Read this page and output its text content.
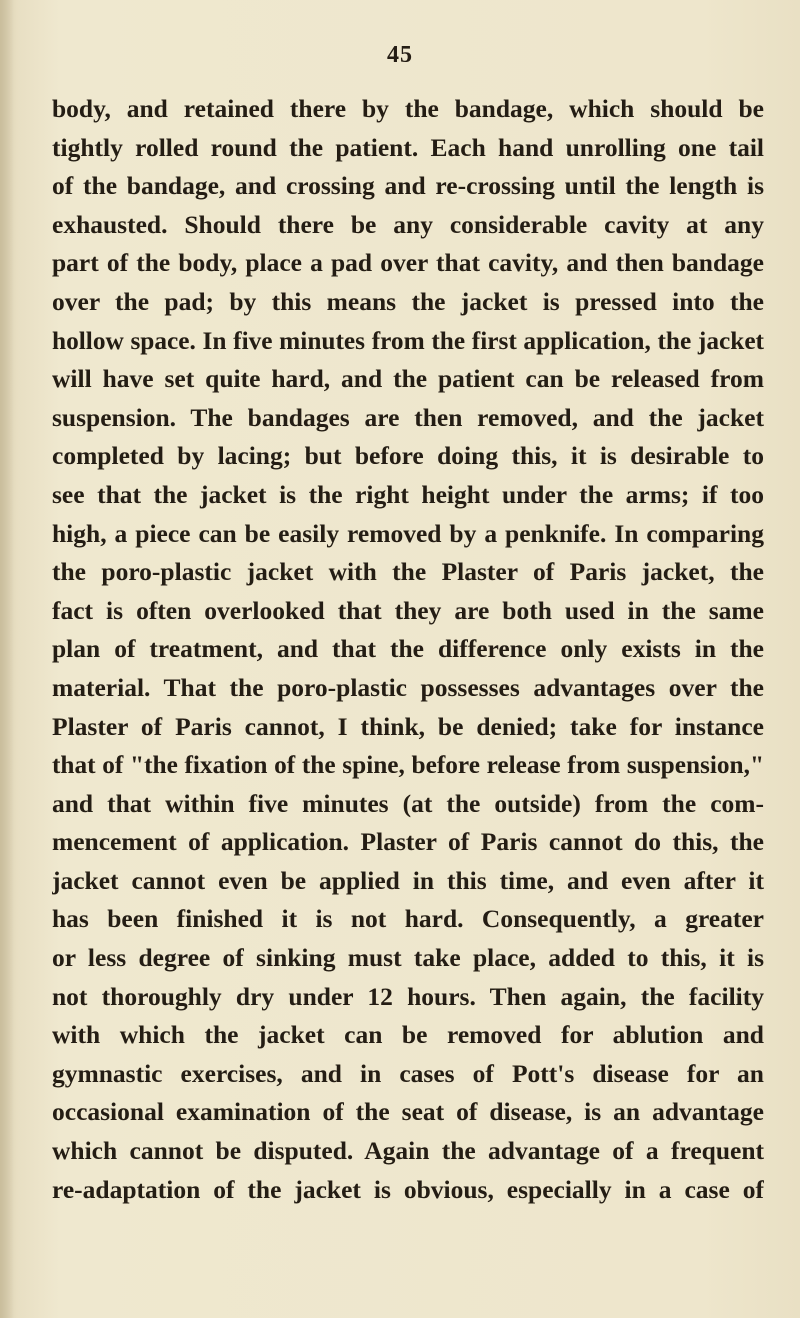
45
body, and retained there by the bandage, which should be
tightly rolled round the patient. Each hand unrolling one tail
of the bandage, and crossing and re-crossing until the length is
exhausted. Should there be any considerable cavity at any
part of the body, place a pad over that cavity, and then bandage
over the pad; by this means the jacket is pressed into the
hollow space. In five minutes from the first application, the jacket
will have set quite hard, and the patient can be released from
suspension. The bandages are then removed, and the jacket
completed by lacing; but before doing this, it is desirable to
see that the jacket is the right height under the arms; if too
high, a piece can be easily removed by a penknife. In comparing
the poro-plastic jacket with the Plaster of Paris jacket, the
fact is often overlooked that they are both used in the same
plan of treatment, and that the difference only exists in the
material. That the poro-plastic possesses advantages over the
Plaster of Paris cannot, I think, be denied; take for instance
that of "the fixation of the spine, before release from suspension,"
and that within five minutes (at the outside) from the com-
mencement of application. Plaster of Paris cannot do this, the
jacket cannot even be applied in this time, and even after it
has been finished it is not hard. Consequently, a greater
or less degree of sinking must take place, added to this, it is
not thoroughly dry under 12 hours. Then again, the facility
with which the jacket can be removed for ablution and
gymnastic exercises, and in cases of Pott's disease for an
occasional examination of the seat of disease, is an advantage
which cannot be disputed. Again the advantage of a frequent
re-adaptation of the jacket is obvious, especially in a case of
